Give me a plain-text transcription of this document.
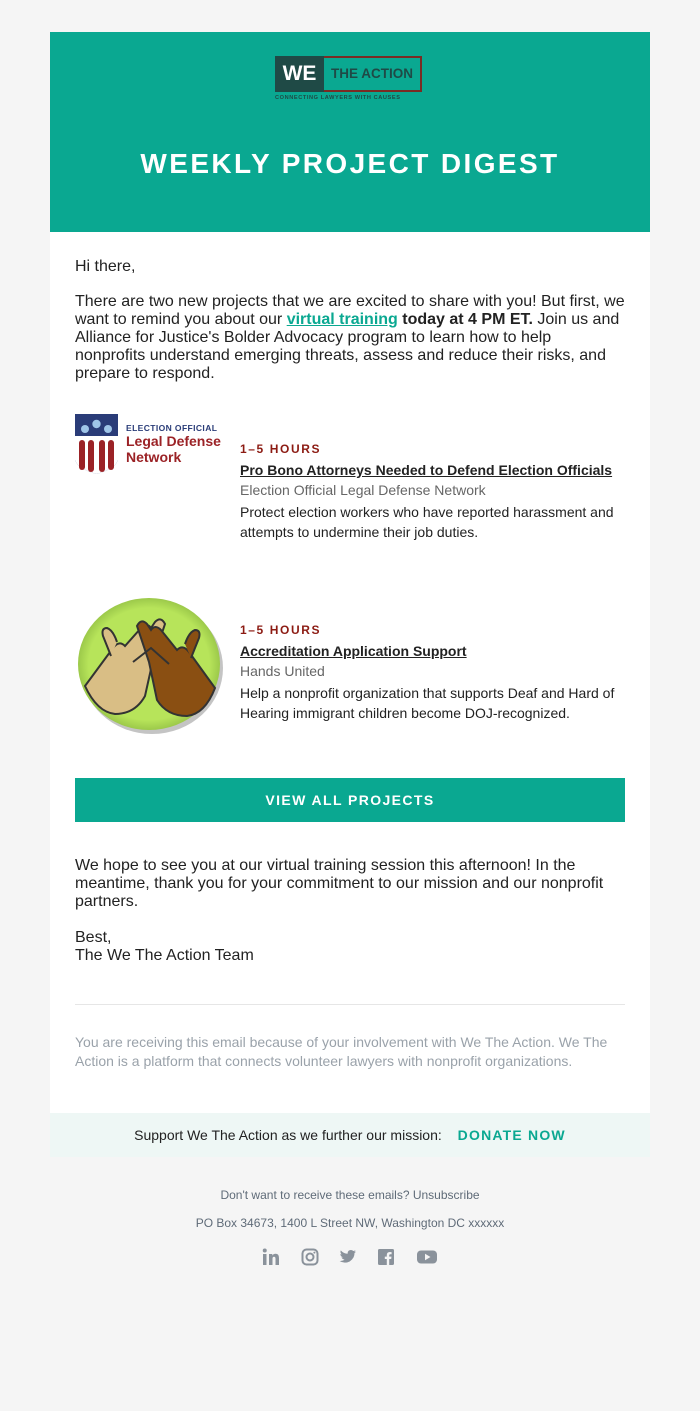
WE	THE ACTION
CONNECTING LAWYERS WITH CAUSES
WEEKLY PROJECT DIGEST

Hi there,

There are two new projects that we are excited to share with you! But first, we want to remind you about our virtual training today at 4 PM ET. Join us and Alliance for Justice's Bolder Advocacy program to learn how to help nonprofits understand emerging threats, assess and reduce their risks, and prepare to respond.

ELECTION OFFICIAL
Legal Defense
Network	1–5 HOURS
Pro Bono Attorneys Needed to Defend Election Officials
Election Official Legal Defense Network
Protect election workers who have reported harassment and attempts to undermine their job duties.
1–5 HOURS
Accreditation Application Support
Hands United
Help a nonprofit organization that supports Deaf and Hard of Hearing immigrant children become DOJ-recognized.
VIEW ALL PROJECTS

We hope to see you at our virtual training session this afternoon! In the meantime, thank you for your commitment to our mission and our nonprofit partners.

Best,

The We The Action Team

You are receiving this email because of your involvement with We The Action. We The Action is a platform that connects volunteer lawyers with nonprofit organizations.

Support We The Action as we further our mission: DONATE NOW
Don't want to receive these emails? Unsubscribe
PO Box 34673, 1400 L Street NW, Washington DC xxxxxx
